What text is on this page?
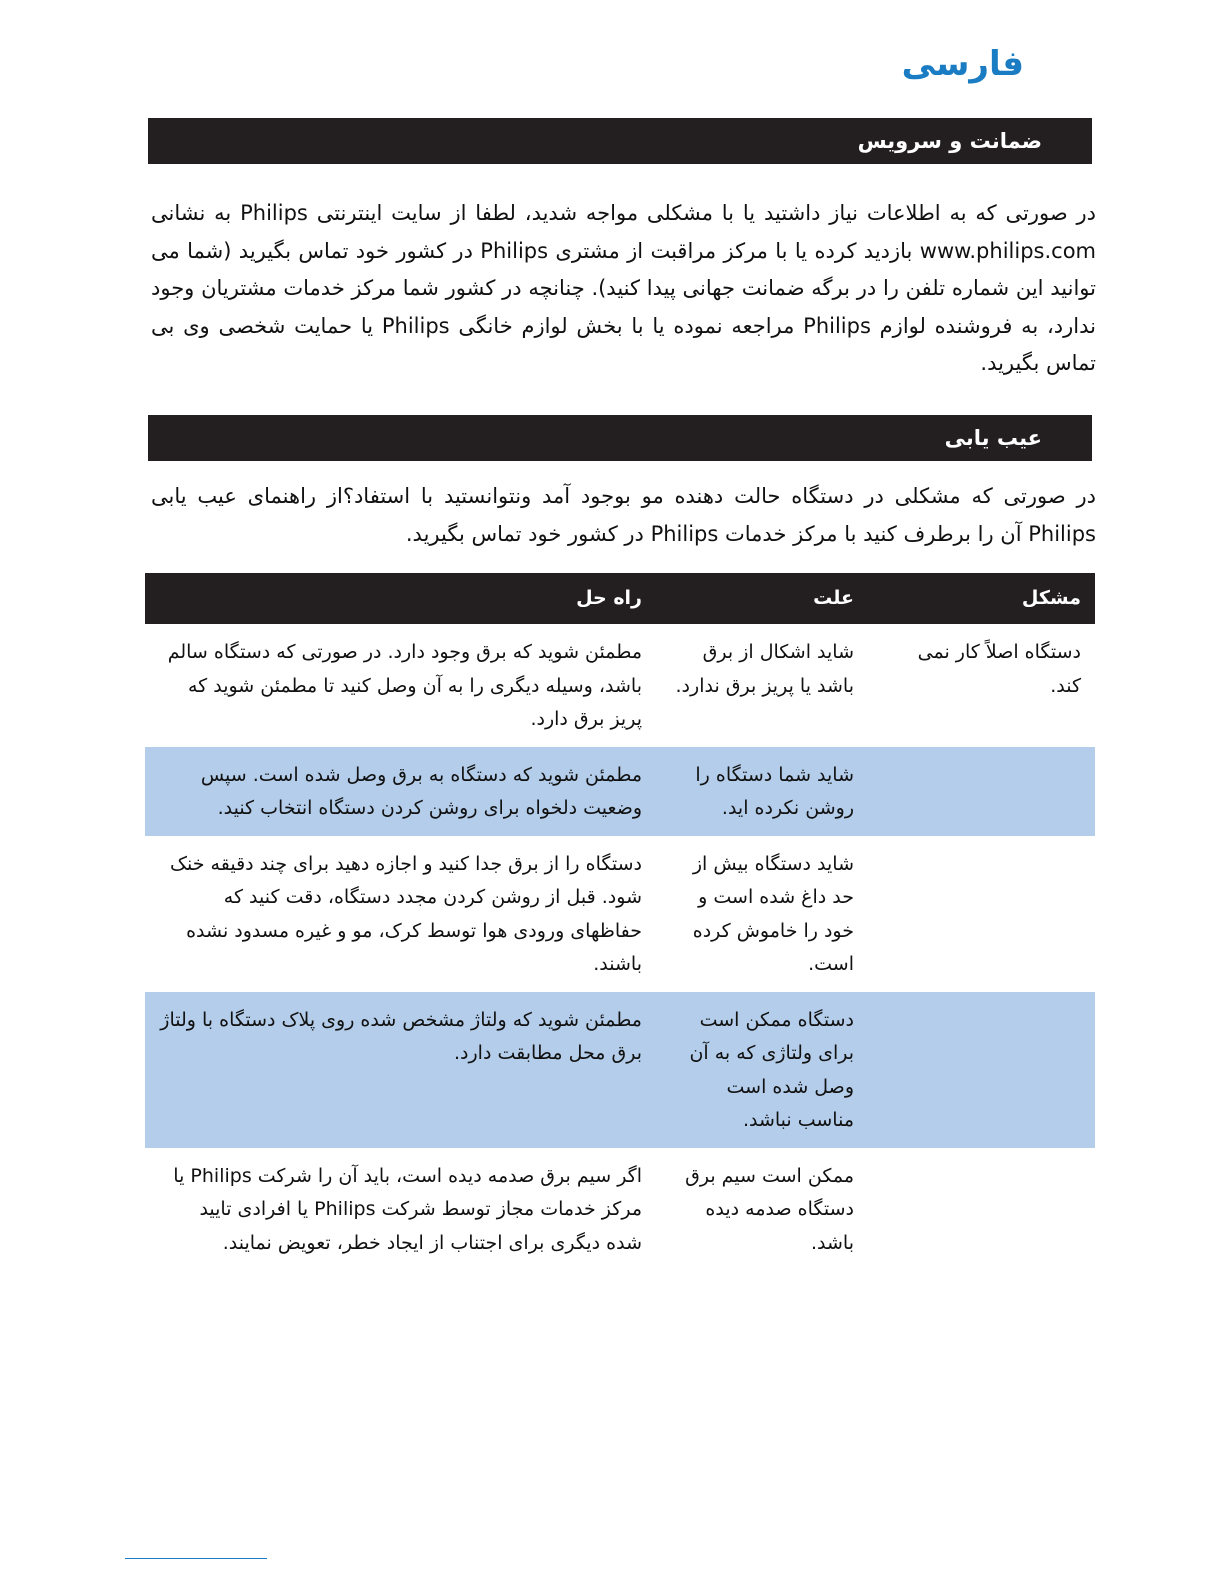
فارسی
ضمانت و سرویس

در صورتی که به اطلاعات نیاز داشتید یا با مشکلی مواجه شدید، لطفا از سایت اینترنتی Philips به نشانی www.philips.com بازدید کرده یا با مرکز مراقبت از مشتری Philips در کشور خود تماس بگیرید (شما می توانید این شماره تلفن را در برگه ضمانت جهانی پیدا کنید). چنانچه در کشور شما مرکز خدمات مشتریان وجود ندارد، به فروشنده لوازم Philips مراجعه نموده یا با بخش لوازم خانگی Philips یا حمایت شخصی وی بی تماس بگیرید.

عیب یابی

در صورتی که مشکلی در دستگاه حالت دهنده مو بوجود آمد ونتوانستید با استفاد؟از راهنمای عیب یابی Philips آن را برطرف کنید با مرکز خدمات Philips در کشور خود تماس بگیرید.

مشکل	علت	راه حل
دستگاه اصلاً کار نمی کند.	شاید اشکال از برق باشد یا پریز برق ندارد.	مطمئن شوید که برق وجود دارد. در صورتی که دستگاه سالم باشد، وسیله دیگری را به آن وصل کنید تا مطمئن شوید که پریز برق دارد.
	شاید شما دستگاه را روشن نکرده اید.	مطمئن شوید که دستگاه به برق وصل شده است. سپس وضعیت دلخواه برای روشن کردن دستگاه انتخاب کنید.
	شاید دستگاه بیش از حد داغ شده است و خود را خاموش کرده است.	دستگاه را از برق جدا کنید و اجازه دهید برای چند دقیقه خنک شود. قبل از روشن کردن مجدد دستگاه، دقت کنید که حفاظهای ورودی هوا توسط کرک، مو و غیره مسدود نشده باشند.
	دستگاه ممکن است برای ولتاژی که به آن وصل شده است مناسب نباشد.	مطمئن شوید که ولتاژ مشخص شده روی پلاک دستگاه با ولتاژ برق محل مطابقت دارد.
	ممکن است سیم برق دستگاه صدمه دیده باشد.	اگر سیم برق صدمه دیده است، باید آن را شرکت Philips یا مرکز خدمات مجاز توسط شرکت Philips یا افرادی تایید شده دیگری برای اجتناب از ایجاد خطر، تعویض نمایند.
